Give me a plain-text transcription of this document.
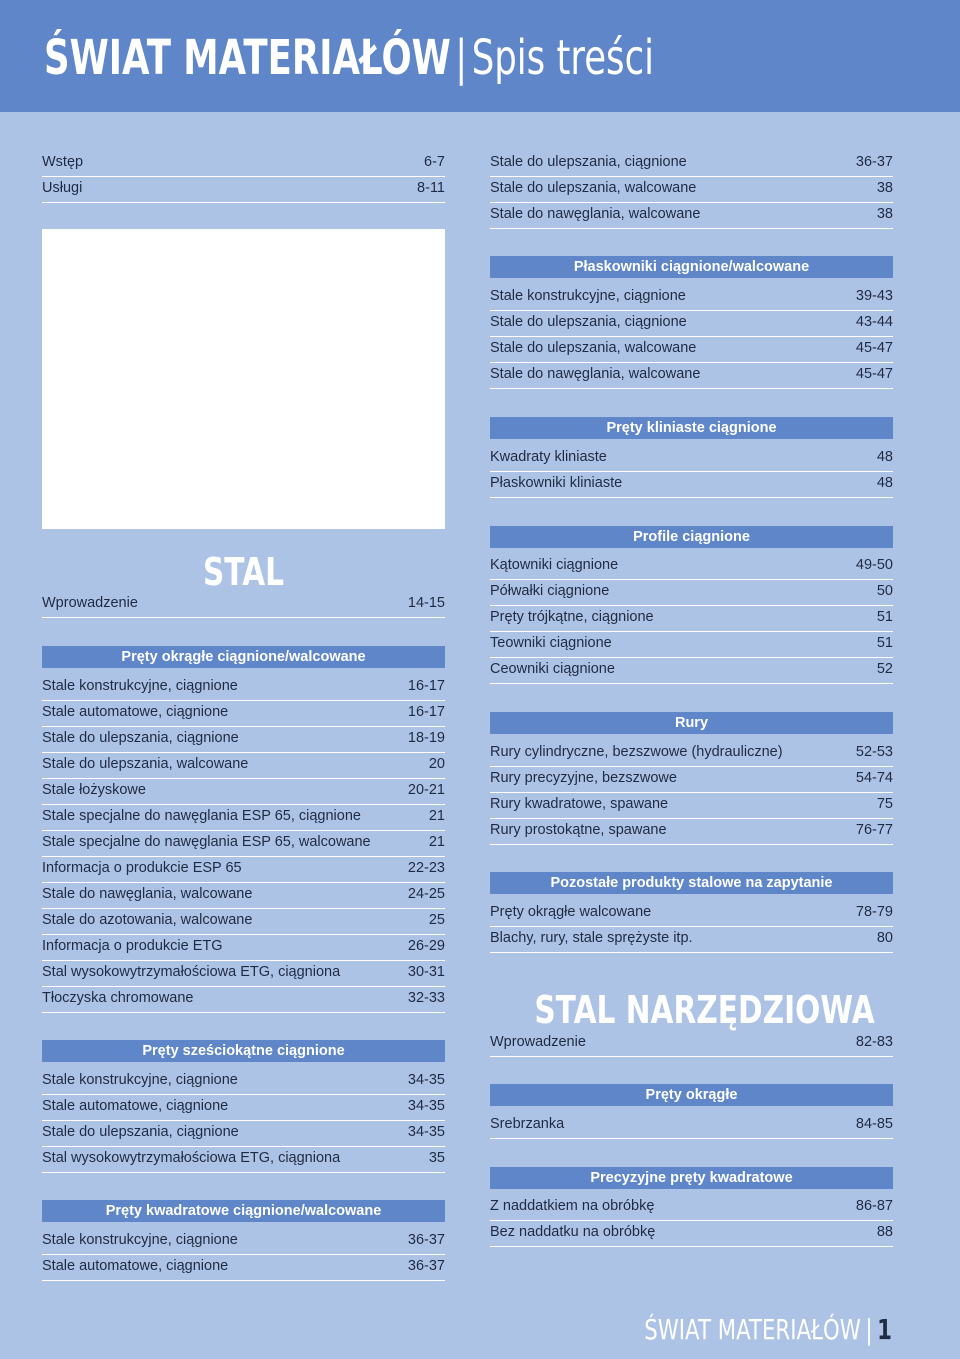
ŚWIAT MATERIAŁÓW|Spis treści
Wstęp	6-7
Usługi	8-11
STAL
Wprowadzenie	14-15
Pręty okrągłe ciągnione/walcowane
Stale konstrukcyjne, ciągnione	16-17
Stale automatowe, ciągnione	16-17
Stale do ulepszania, ciągnione	18-19
Stale do ulepszania, walcowane	20
Stale łożyskowe	20-21
Stale specjalne do nawęglania ESP 65, ciągnione	21
Stale specjalne do nawęglania ESP 65, walcowane	21
Informacja o produkcie ESP 65	22-23
Stale do nawęglania, walcowane	24-25
Stale do azotowania, walcowane	25
Informacja o produkcie ETG	26-29
Stal wysokowytrzymałościowa ETG, ciągniona	30-31
Tłoczyska chromowane	32-33
Pręty sześciokątne ciągnione
Stale konstrukcyjne, ciągnione	34-35
Stale automatowe, ciągnione	34-35
Stale do ulepszania, ciągnione	34-35
Stal wysokowytrzymałościowa ETG, ciągniona	35
Pręty kwadratowe ciągnione/walcowane
Stale konstrukcyjne, ciągnione	36-37
Stale automatowe, ciągnione	36-37
Stale do ulepszania, ciągnione	36-37
Stale do ulepszania, walcowane	38
Stale do nawęglania, walcowane	38
Płaskowniki ciągnione/walcowane
Stale konstrukcyjne, ciągnione	39-43
Stale do ulepszania, ciągnione	43-44
Stale do ulepszania, walcowane	45-47
Stale do nawęglania, walcowane	45-47
Pręty kliniaste ciągnione
Kwadraty kliniaste	48
Płaskowniki kliniaste	48
Profile ciągnione
Kątowniki ciągnione	49-50
Półwałki ciągnione	50
Pręty trójkątne, ciągnione	51
Teowniki ciągnione	51
Ceowniki ciągnione	52
Rury
Rury cylindryczne, bezszwowe (hydrauliczne)	52-53
Rury precyzyjne, bezszwowe	54-74
Rury kwadratowe, spawane	75
Rury prostokątne, spawane	76-77
Pozostałe produkty stalowe na zapytanie
Pręty okrągłe walcowane	78-79
Blachy, rury, stale sprężyste itp.	80
STAL NARZĘDZIOWA
Wprowadzenie	82-83
Pręty okrągłe
Srebrzanka	84-85
Precyzyjne pręty kwadratowe
Z naddatkiem na obróbkę	86-87
Bez naddatku na obróbkę	88
ŚWIAT MATERIAŁÓW | 1
